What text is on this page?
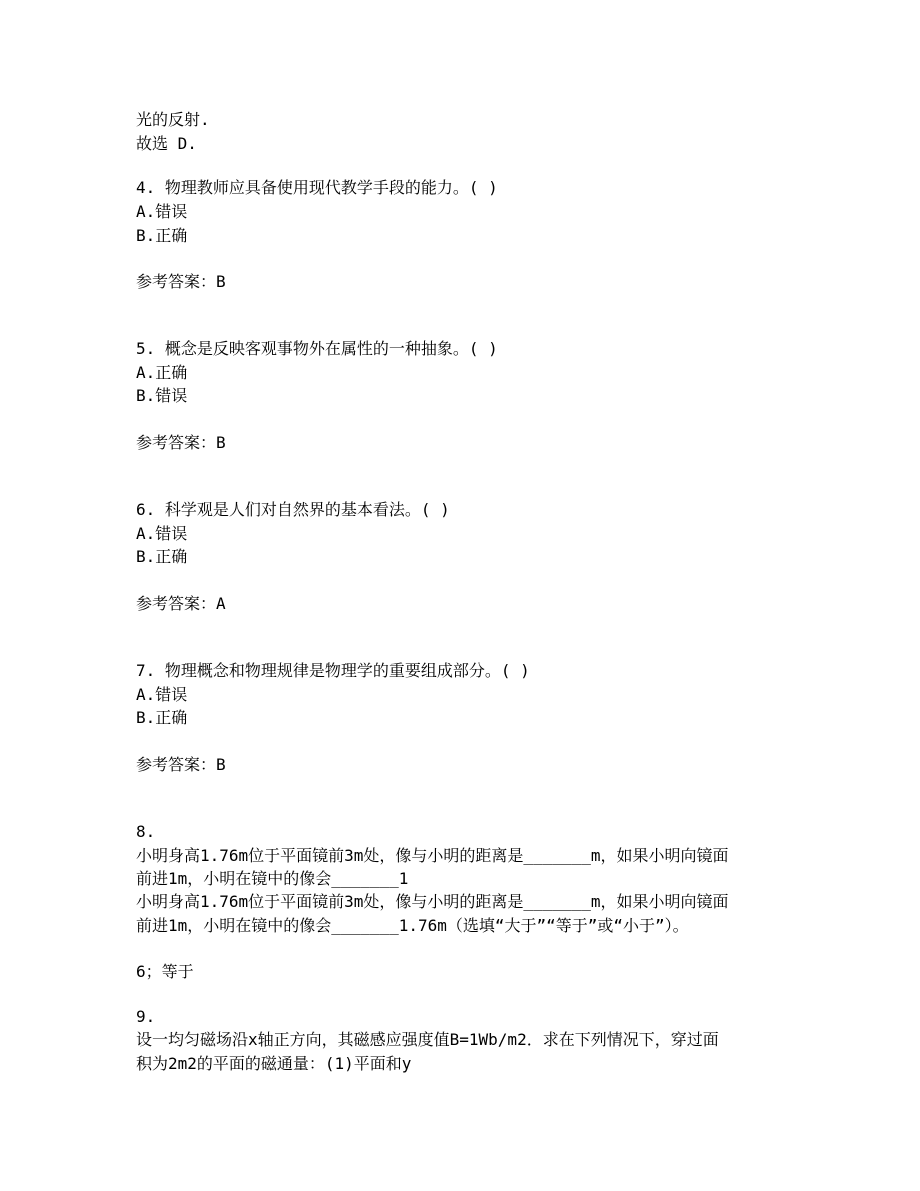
光的反射.

故选 D.

4. 物理教师应具备使用现代教学手段的能力。( )

A.错误

B.正确

参考答案：B

5. 概念是反映客观事物外在属性的一种抽象。( )

A.正确

B.错误

参考答案：B

6. 科学观是人们对自然界的基本看法。( )

A.错误

B.正确

参考答案：A

7. 物理概念和物理规律是物理学的重要组成部分。( )

A.错误

B.正确

参考答案：B

8.

小明身高1.76m位于平面镜前3m处，像与小明的距离是_______m，如果小明向镜面

前进1m，小明在镜中的像会_______1

小明身高1.76m位于平面镜前3m处，像与小明的距离是_______m，如果小明向镜面

前进1m，小明在镜中的像会_______1.76m（选填“大于”“等于”或“小于”）。

6；等于

9.

设一均匀磁场沿x轴正方向，其磁感应强度值B=1Wb/m2．求在下列情况下，穿过面

积为2m2的平面的磁通量：(1)平面和y
